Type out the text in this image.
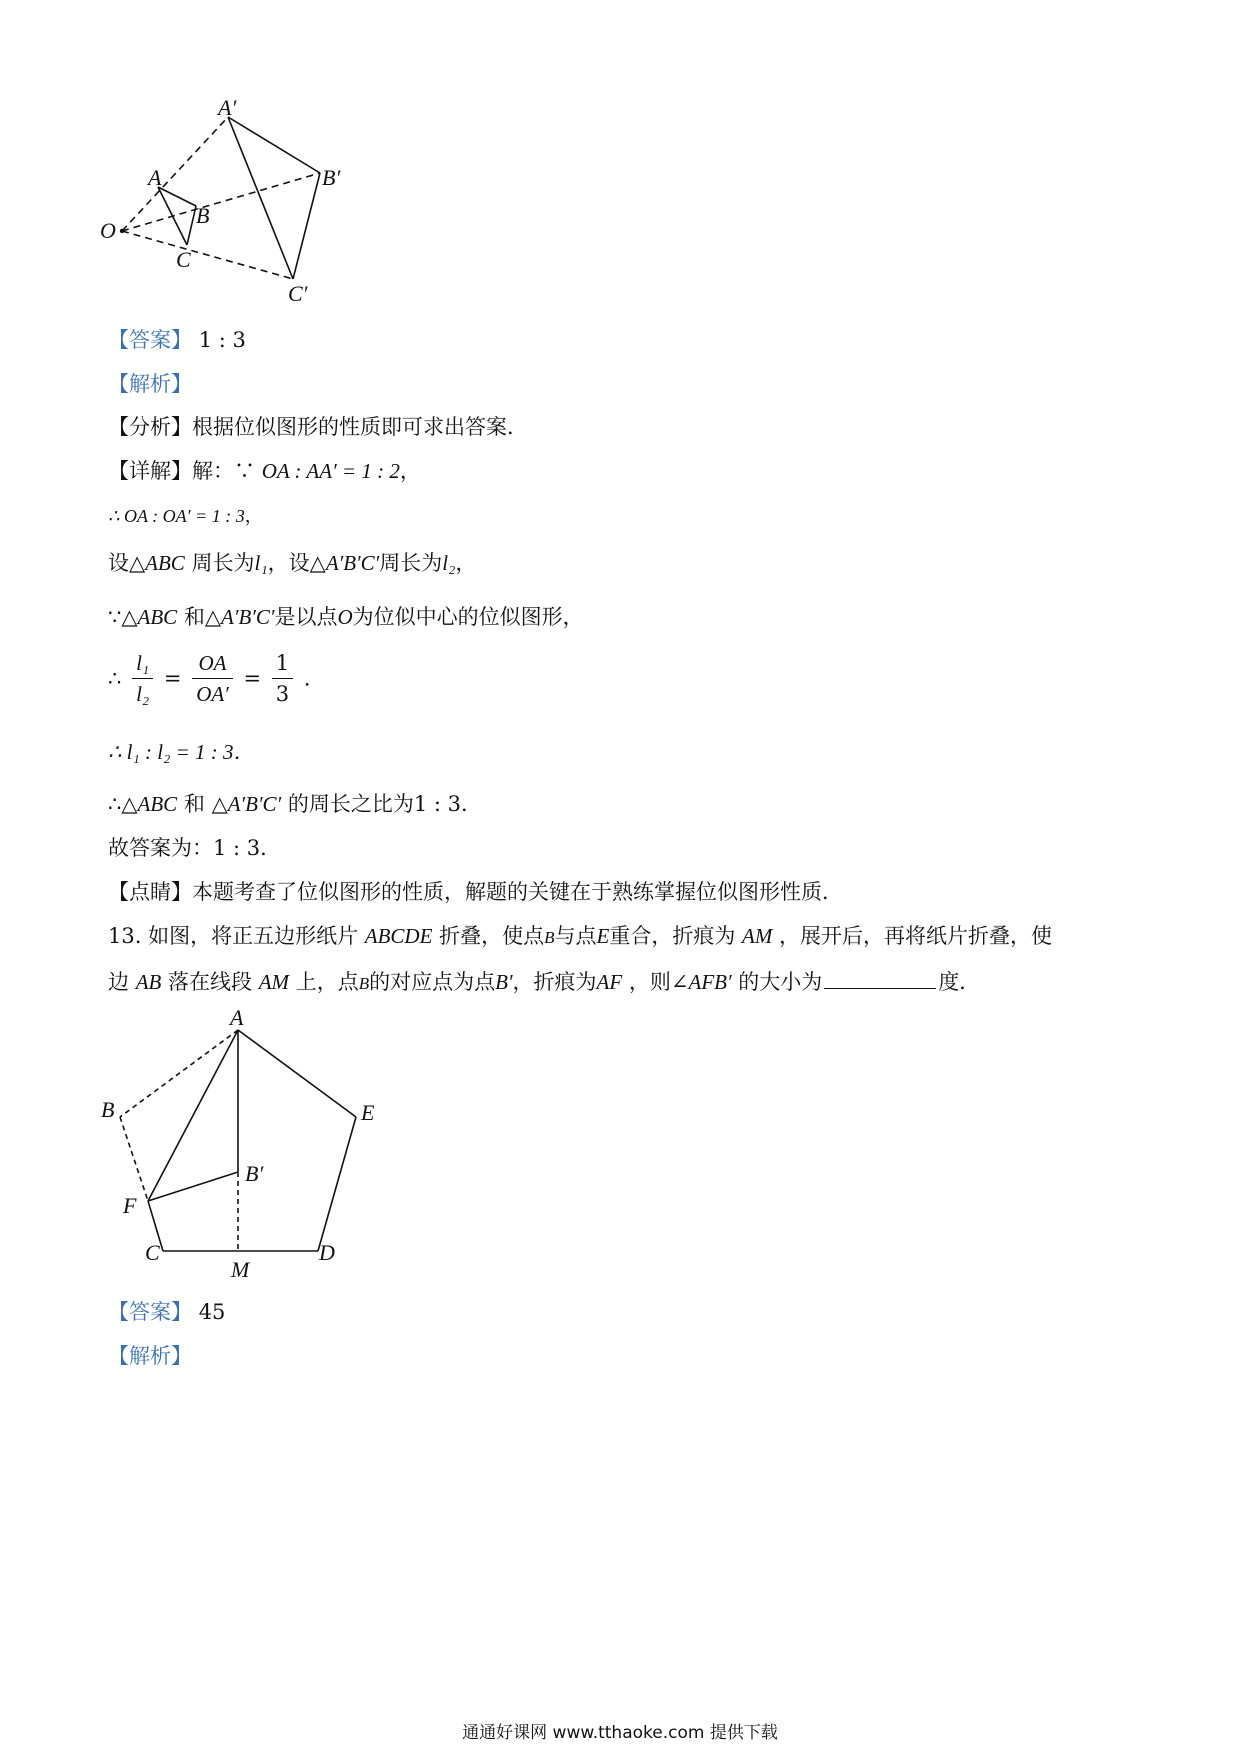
O
A
B
C
A′
B′
C′
【答案】 1 : 3
【解析】
【分析】根据位似图形的性质即可求出答案．
【详解】解：∵ OA : AA′ = 1 : 2，
∴ OA : OA′ = 1 : 3，
设△ABC 周长为l₁，设△A′B′C′周长为l₂，
∵△ABC 和△A′B′C′是以点O为位似中心的位似图形，
∴ $\frac{\text{l₁}}{\text{l₂}} = \frac{OA}{OA'} = \frac{1}{3}$ ．
∴ l₁ : l₂ = 1 : 3．
∴△ABC 和 △A′B′C′ 的周长之比为1 : 3．
故答案为：1 : 3．
【点睛】本题考查了位似图形的性质，解题的关键在于熟练掌握位似图形性质．
13. 如图，将正五边形纸片 ABCDE 折叠，使点B与点E重合，折痕为 AM ，展开后，再将纸片折叠，使
边 AB 落在线段 AM 上，点B的对应点为点B′，折痕为AF ，则∠AFB′ 的大小为	度．
A
B	E
B′
F
C
M
D
【答案】 45
【解析】
通通好课网 www.tthaoke.com 提供下载
